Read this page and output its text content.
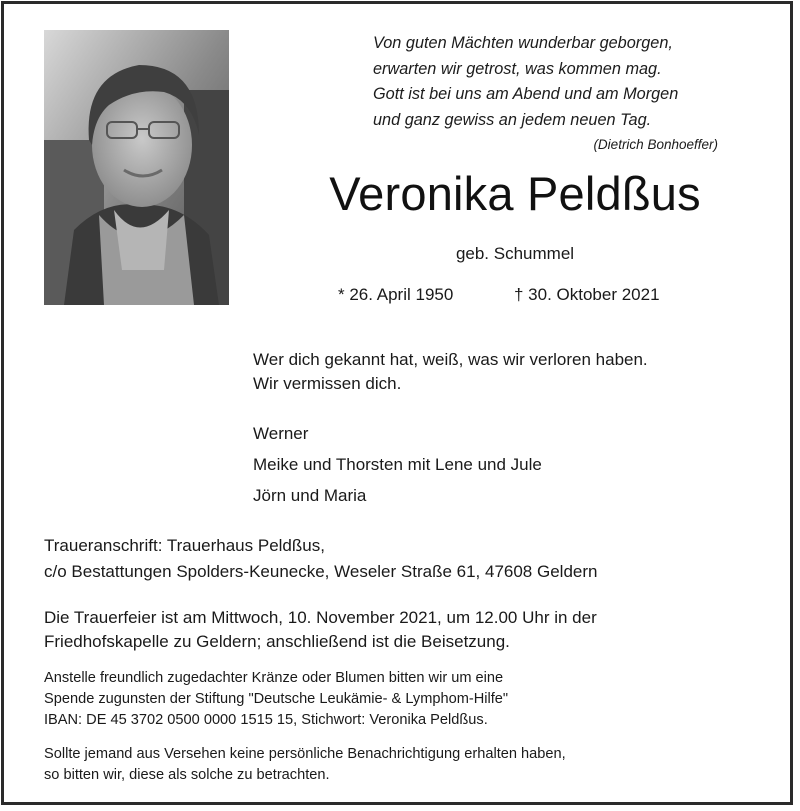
Von guten Mächten wunderbar geborgen,
erwarten wir getrost, was kommen mag.
Gott ist bei uns am Abend und am Morgen
und ganz gewiss an jedem neuen Tag.
(Dietrich Bonhoeffer)
Veronika Peldßus
geb. Schummel
* 26. April 1950	† 30. Oktober 2021
Wer dich gekannt hat, weiß, was wir verloren haben.
Wir vermissen dich.
Werner
Meike und Thorsten mit Lene und Jule
Jörn und Maria
Traueranschrift: Trauerhaus Peldßus,
c/o Bestattungen Spolders-Keunecke, Weseler Straße 61, 47608 Geldern
Die Trauerfeier ist am Mittwoch, 10. November 2021, um 12.00 Uhr in der
Friedhofskapelle zu Geldern; anschließend ist die Beisetzung.
Anstelle freundlich zugedachter Kränze oder Blumen bitten wir um eine
Spende zugunsten der Stiftung "Deutsche Leukämie- & Lymphom-Hilfe"
IBAN: DE 45 3702 0500 0000 1515 15, Stichwort: Veronika Peldßus.
Sollte jemand aus Versehen keine persönliche Benachrichtigung erhalten haben,
so bitten wir, diese als solche zu betrachten.
